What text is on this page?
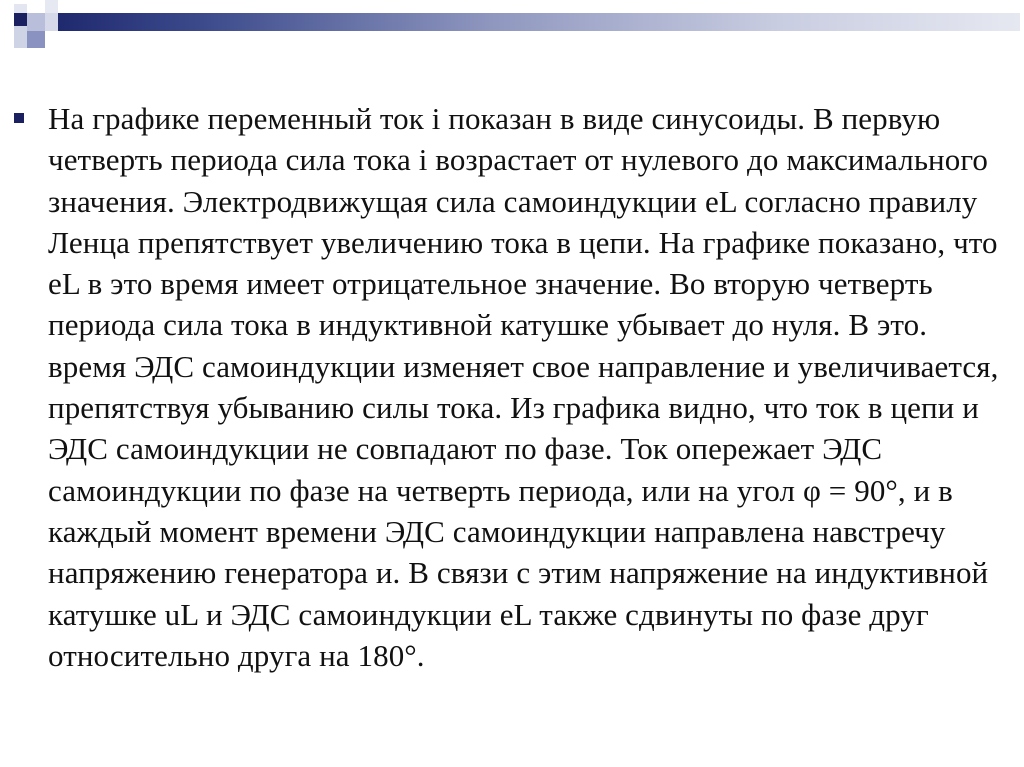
На графике переменный ток i показан в виде синусоиды. В первую четверть периода сила тока i возрастает от нулевого до максимального значения. Электродвижущая сила самоиндукции eL согласно правилу Ленца препятствует увеличению тока в цепи. На графике показано, что eL в это время имеет отрицательное значение. Во вторую четверть периода сила тока в индуктивной катушке убывает до нуля. В это. время ЭДС самоиндукции изменяет свое направление и увеличивается, препятствуя убыванию силы тока. Из графика видно, что ток в цепи и ЭДС самоиндукции не совпадают по фазе. Ток опережает ЭДС самоиндукции по фазе на четверть периода, или на угол φ = 90°, и в каждый момент времени ЭДС самоиндукции направлена навстречу напряжению генератора и. В связи с этим напряжение на индуктивной катушке uL и ЭДС самоиндукции eL также сдвинуты по фазе друг относительно друга на 180°.
